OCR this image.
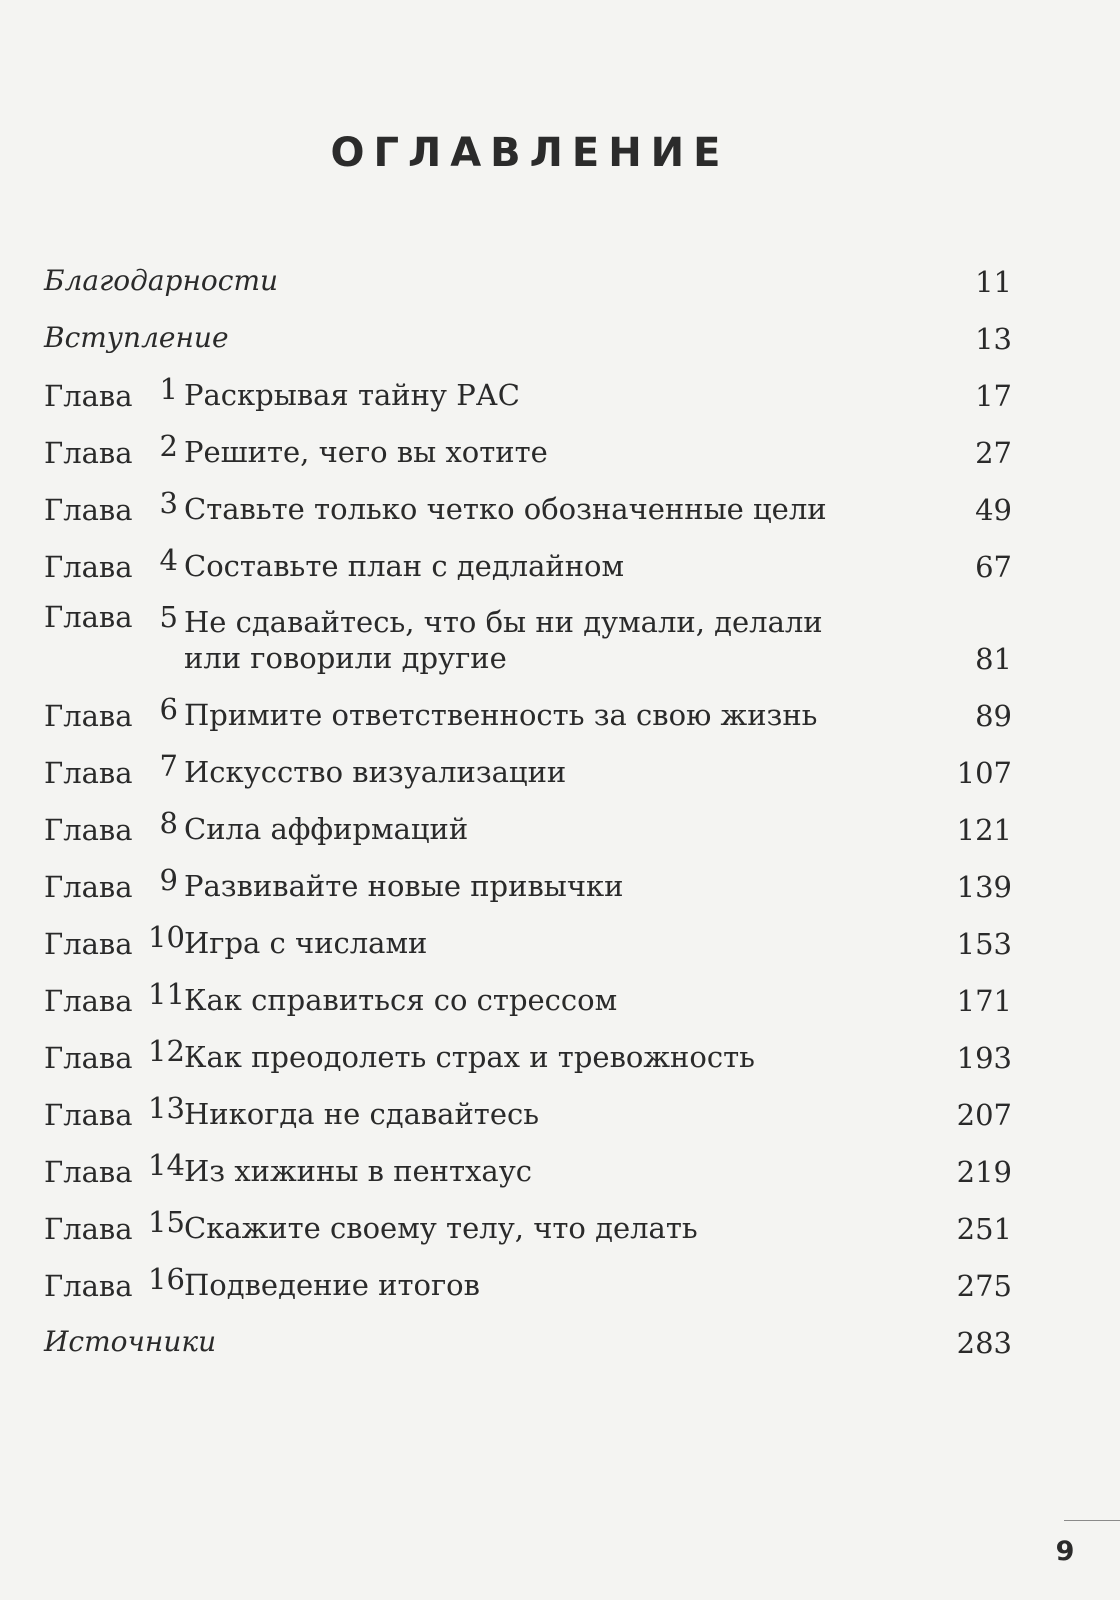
ОГЛАВЛЕНИЕ
Благодарности	11
Вступление	13
Глава 1 Раскрывая тайну РАС	17
Глава 2 Решите, чего вы хотите	27
Глава 3 Ставьте только четко обозначенные цели	49
Глава 4 Составьте план с дедлайном	67
Глава 5 Не сдавайтесь, что бы ни думали, делали или говорили другие	81
Глава 6 Примите ответственность за свою жизнь	89
Глава 7 Искусство визуализации	107
Глава 8 Сила аффирмаций	121
Глава 9 Развивайте новые привычки	139
Глава 10 Игра с числами	153
Глава 11 Как справиться со стрессом	171
Глава 12 Как преодолеть страх и тревожность	193
Глава 13 Никогда не сдавайтесь	207
Глава 14 Из хижины в пентхаус	219
Глава 15 Скажите своему телу, что делать	251
Глава 16 Подведение итогов	275
Источники	283
9
